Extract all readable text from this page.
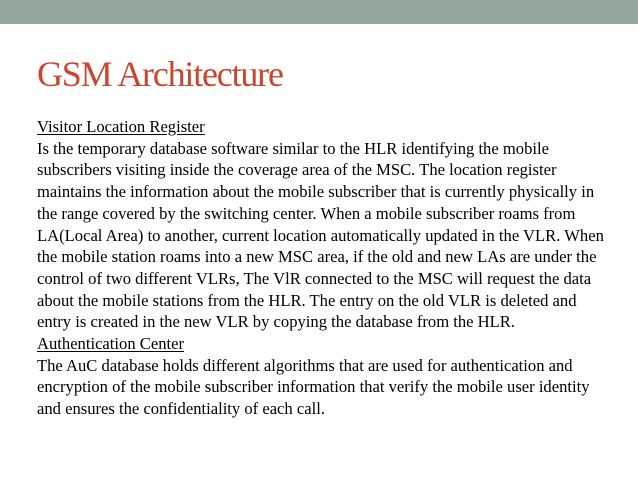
GSM Architecture

Visitor Location Register

Is the temporary database software similar to the HLR identifying the mobile subscribers visiting inside the coverage area of the MSC. The location register maintains the information about the mobile subscriber that is currently physically in the range covered by the switching center. When a mobile subscriber roams from LA(Local Area) to another, current location automatically updated in the VLR. When the mobile station roams into a new MSC area, if the old and new LAs are under the control of two different VLRs, The VlR connected to the MSC will request the data about the mobile stations from the HLR. The entry on the old VLR is deleted and entry is created in the new VLR by copying the database from the HLR.

Authentication Center

The AuC database holds different algorithms that are used for authentication and encryption of the mobile subscriber information that verify the mobile user identity and ensures the confidentiality of each call.
